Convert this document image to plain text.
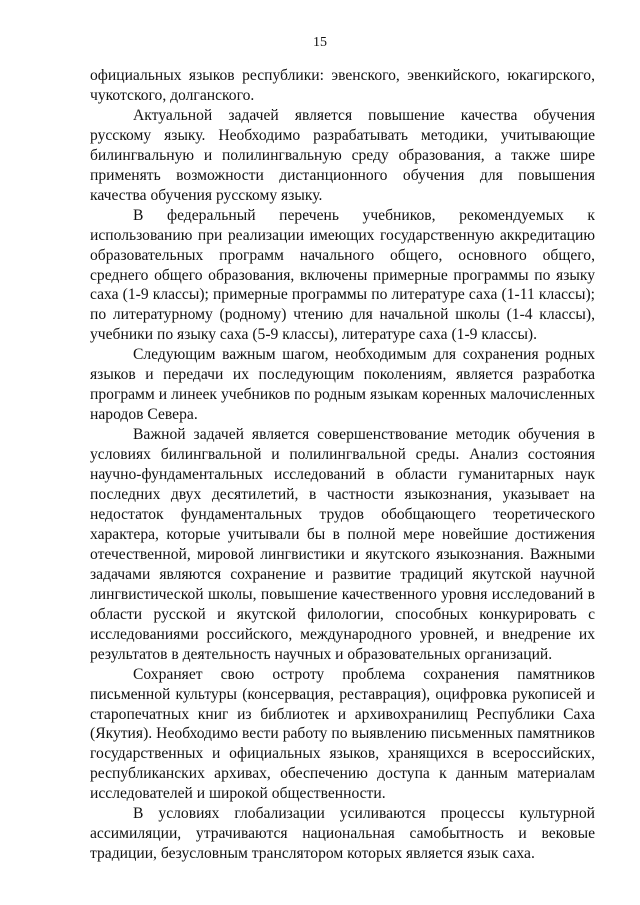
15

официальных языков республики: эвенского, эвенкийского, юкагирского, чукотского, долганского.

Актуальной задачей является повышение качества обучения русскому языку. Необходимо разрабатывать методики, учитывающие билингвальную и полилингвальную среду образования, а также шире применять возможности дистанционного обучения для повышения качества обучения русскому языку.

В федеральный перечень учебников, рекомендуемых к использованию при реализации имеющих государственную аккредитацию образовательных программ начального общего, основного общего, среднего общего образования, включены примерные программы по языку саха (1-9 классы); примерные программы по литературе саха (1-11 классы); по литературному (родному) чтению для начальной школы (1-4 классы), учебники по языку саха (5-9 классы), литературе саха (1-9 классы).

Следующим важным шагом, необходимым для сохранения родных языков и передачи их последующим поколениям, является разработка программ и линеек учебников по родным языкам коренных малочисленных народов Севера.

Важной задачей является совершенствование методик обучения в условиях билингвальной и полилингвальной среды. Анализ состояния научно-фундаментальных исследований в области гуманитарных наук последних двух десятилетий, в частности языкознания, указывает на недостаток фундаментальных трудов обобщающего теоретического характера, которые учитывали бы в полной мере новейшие достижения отечественной, мировой лингвистики и якутского языкознания. Важными задачами являются сохранение и развитие традиций якутской научной лингвистической школы, повышение качественного уровня исследований в области русской и якутской филологии, способных конкурировать с исследованиями российского, международного уровней, и внедрение их результатов в деятельность научных и образовательных организаций.

Сохраняет свою остроту проблема сохранения памятников письменной культуры (консервация, реставрация), оцифровка рукописей и старопечатных книг из библиотек и архивохранилищ Республики Саха (Якутия). Необходимо вести работу по выявлению письменных памятников государственных и официальных языков, хранящихся в всероссийских, республиканских архивах, обеспечению доступа к данным материалам исследователей и широкой общественности.

В условиях глобализации усиливаются процессы культурной ассимиляции, утрачиваются национальная самобытность и вековые традиции, безусловным транслятором которых является язык саха.
